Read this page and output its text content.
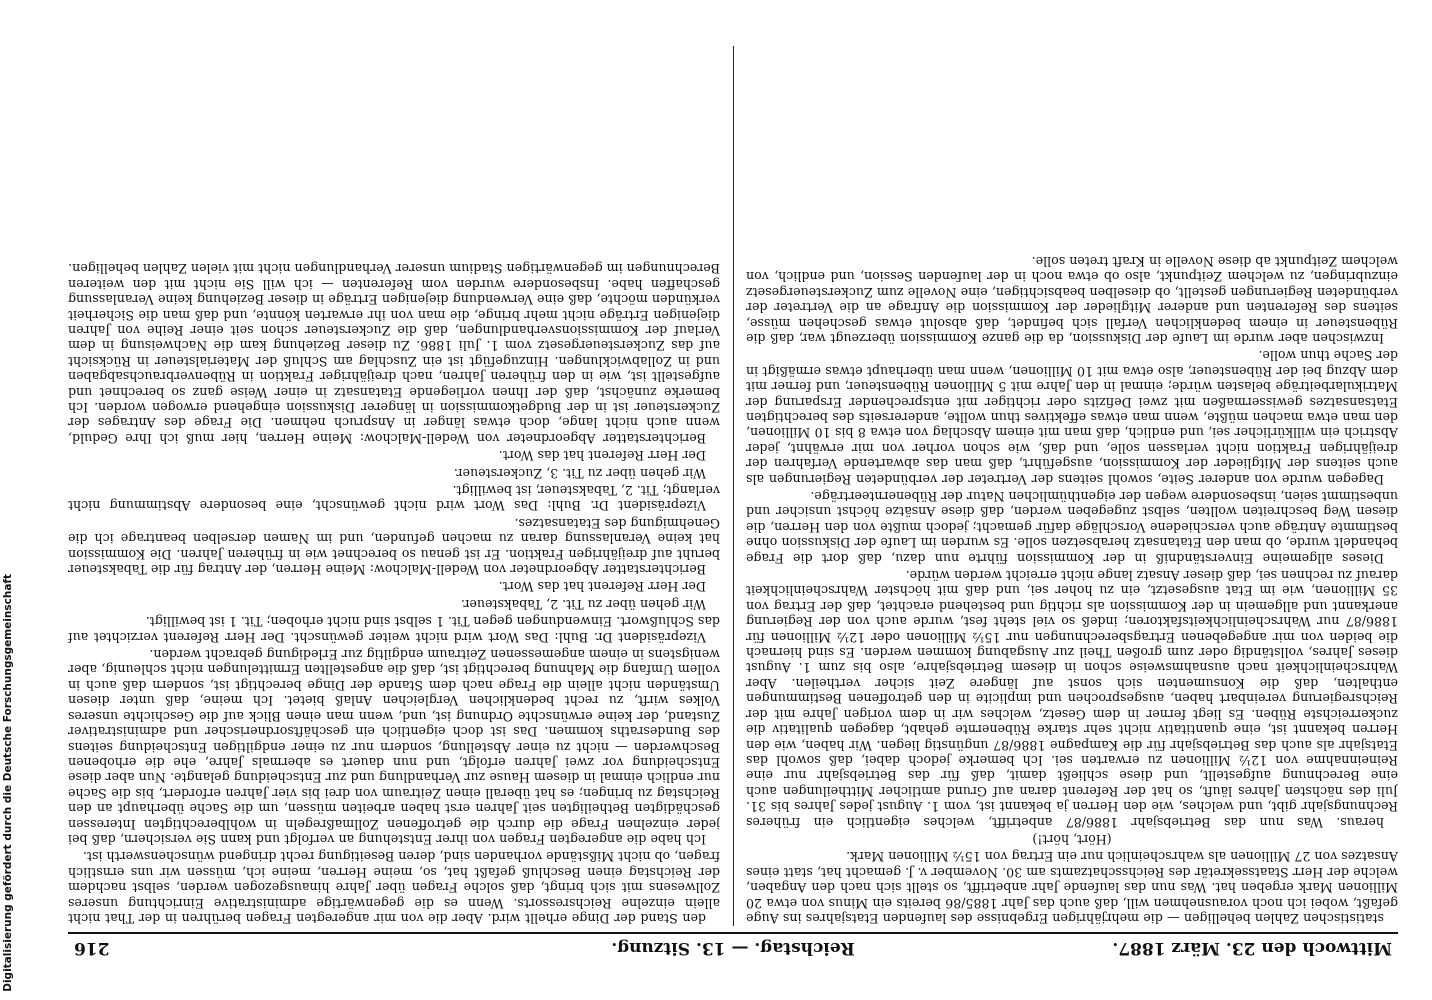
216	Reichstag. — 13. Sitzung.	Mittwoch den 23. März 1887.

den Stand der Dinge erhellt wird. Aber die von mir angeregten Fragen berühren in der That nicht allein einzelne Reichsressorts. Wenn es die gegenwärtige administrative Einrichtung unseres Zollwesens mit sich bringt, daß solche Fragen über Jahre hinausgezogen werden, selbst nachdem der Reichstag einen Beschluß gefaßt hat, so, meine Herren, meine ich, müssen wir uns ernstlich fragen, ob nicht Mißstände vorhanden sind, deren Beseitigung recht dringend wünschenswerth ist.

Ich habe die angeregten Fragen von ihrer Entstehung an verfolgt und kann Sie versichern, daß bei jeder einzelnen Frage die durch die getroffenen Zollmaßregeln in wohlberechtigten Interessen geschädigten Betheiligten seit Jahren erst haben arbeiten müssen, um die Sache überhaupt an den Reichstag zu bringen; es hat überall einen Zeitraum von drei bis vier Jahren erfordert, bis die Sache nur endlich einmal in diesem Hause zur Verhandlung und zur Entscheidung gelangte. Nun aber diese Entscheidung vor zwei Jahren erfolgt, und nun dauert es abermals Jahre, ehe die erhobenen Beschwerden — nicht zu einer Abstellung, sondern nur zu einer endgiltigen Entscheidung seitens des Bundesraths kommen. Das ist doch eigentlich ein geschäftsordnerischer und administrativer Zustand, der keine erwünschte Ordnung ist, und, wenn man einen Blick auf die Geschichte unseres Volkes wirft, zu recht bedenklichen Vergleichen Anlaß bietet. Ich meine, daß unter diesen Umständen nicht allein die Frage nach dem Stande der Dinge berechtigt ist, sondern daß auch in vollem Umfang die Mahnung berechtigt ist, daß die angestellten Ermittelungen nicht schleunig, aber wenigstens in einem angemessenen Zeitraum endgiltig zur Erledigung gebracht werden.

Vizepräsident Dr. Buhl: Das Wort wird nicht weiter gewünscht. Der Herr Referent verzichtet auf das Schlußwort. Einwendungen gegen Tit. 1 selbst sind nicht erhoben; Tit. 1 ist bewilligt.

Wir gehen über zu Tit. 2, Tabaksteuer.

Der Herr Referent hat das Wort.

Berichterstatter Abgeordneter von Wedell-Malchow: Meine Herren, der Antrag für die Tabaksteuer beruht auf dreijährigen Fraktion. Er ist genau so berechnet wie in früheren Jahren. Die Kommission hat keine Veranlassung daran zu machen gefunden, und im Namen derselben beantrage ich die Genehmigung des Etatansatzes.

Vizepräsident Dr. Buhl: Das Wort wird nicht gewünscht, eine besondere Abstimmung nicht verlangt; Tit. 2, Tabaksteuer, ist bewilligt.

Wir gehen über zu Tit. 3, Zuckersteuer.

Der Herr Referent hat das Wort.

Berichterstatter Abgeordneter von Wedell-Malchow: Meine Herren, hier muß ich Ihre Geduld, wenn auch nicht lange, doch etwas länger in Anspruch nehmen. Die Frage des Antrages der Zuckersteuer ist in der Budgetkommission in längerer Diskussion eingehend erwogen worden. Ich bemerke zunächst, daß der Ihnen vorliegende Etatansatz in einer Weise ganz so berechnet und aufgestellt ist, wie in den früheren Jahren, nach dreijähriger Fraktion in Rübenverbrauchsabgaben und in Zollabwicklungen. Hinzugefügt ist ein Zuschlag am Schluß der Materialsteuer in Rücksicht auf das Zuckersteuergesetz vom 1. Juli 1886. Zu dieser Beziehung kam die Nachweisung in dem Verlauf der Kommissionsverhandlungen, daß die Zuckersteuer schon seit einer Reihe von Jahren diejenigen Erträge nicht mehr bringe, die man von ihr erwarten könnte, und daß man die Sicherheit verkünden möchte, daß eine Verwendung diejenigen Erträge in dieser Beziehung keine Veranlassung geschaffen habe. Insbesondere wurden vom Referenten — ich will Sie nicht mit den weiteren Berechnungen im gegenwärtigen Stadium unserer Verhandlungen nicht mit vielen Zahlen behelligen.

statistischen Zahlen behelligen — die mehrjährigen Ergebnisse des laufenden Etatsjahres ins Auge gefaßt, wobei ich noch vorausnehmen will, daß auch das Jahr 1885/86 bereits ein Minus von etwa 20 Millionen Mark ergeben hat. Was nun das laufende Jahr anbetrifft, so stellt sich nach den Angaben, welche der Herr Staatssekretär des Reichsschatzamts am 30. November v. J. gemacht hat, statt eines Ansatzes von 27 Millionen als wahrscheinlich nur ein Ertrag von 15½ Millionen Mark.

(Hört, hört!)

heraus. Was nun das Betriebsjahr 1886/87 anbetrifft, welches eigentlich ein früheres Rechnungsjahr gibt, und welches, wie den Herren ja bekannt ist, vom 1. August jedes Jahres bis 31. Juli des nächsten Jahres läuft, so hat der Referent daran auf Grund amtlicher Mittheilungen auch eine Berechnung aufgestellt, und diese schließt damit, daß für das Betriebsjahr nur eine Reineinnahme von 12½ Millionen zu erwarten sei. Ich bemerke jedoch dabei, daß sowohl das Etatsjahr als auch das Betriebsjahr für die Kampagne 1886/87 ungünstig liegen. Wir haben, wie den Herren bekannt ist, eine quantitativ nicht sehr starke Rübenernte gehabt, dagegen qualitativ die zuckerreichste Rüben. Es liegt ferner in dem Gesetz, welches wir in dem vorigen Jahre mit der Reichsregierung vereinbart haben, ausgesprochen und implicite in den getroffenen Bestimmungen enthalten, daß die Konsumenten sich sonst auf längere Zeit sicher vertheilen. Aber Wahrscheinlichkeit nach ausnahmsweise schon in diesem Betriebsjahre, also bis zum 1. August dieses Jahres, vollständig oder zum großen Theil zur Ausgabung kommen werden. Es sind hiernach die beiden von mir angegebenen Ertragsberechnungen nur 15½ Millionen oder 12½ Millionen für 1886/87 nur Wahrscheinlichkeitsfaktoren; indeß so viel steht fest, wurde auch von der Regierung anerkannt und allgemein in der Kommission als richtig und bestehend erachtet, daß der Ertrag von 35 Millionen, wie im Etat ausgesetzt, ein zu hoher sei, und daß mit höchster Wahrscheinlichkeit darauf zu rechnen sei, daß dieser Ansatz lange nicht erreicht werden würde.

Dieses allgemeine Einverständniß in der Kommission führte nun dazu, daß dort die Frage behandelt wurde, ob man den Etatansatz herabsetzen solle. Es wurden im Laufe der Diskussion ohne bestimmte Anträge auch verschiedene Vorschläge dafür gemacht; jedoch mußte von den Herren, die diesen Weg beschreiten wollten, selbst zugegeben werden, daß diese Ansätze höchst unsicher und unbestimmt seien, insbesondere wegen der eigenthümlichen Natur der Rübenernteerträge.

Dagegen wurde von anderer Seite, sowohl seitens der Vertreter der verbündeten Regierungen als auch seitens der Mitglieder der Kommission, ausgeführt, daß man das abwartende Verfahren der dreijährigen Fraktion nicht verlassen solle, und daß, wie schon vorher von mir erwähnt, jeder Abstrich ein willkürlicher sei, und endlich, daß man mit einem Abschlag von etwa 8 bis 10 Millionen, den man etwa machen müßte, wenn man etwas effektives thun wollte, andererseits des berechtigten Etatsansatzes gewissermaßen mit zwei Defizits oder richtiger mit entsprechender Ersparung der Matrikularbeiträge belasten würde; einmal in den Jahre mit 5 Millionen Rübensteuer, und ferner mit dem Abzug bei der Rübensteuer, also etwa mit 10 Millionen, wenn man überhaupt etwas ermäßigt in der Sache thun wolle.

Inzwischen aber wurde im Laufe der Diskussion, da die ganze Kommission überzeugt war, daß die Rübensteuer in einem bedenklichen Verfall sich befindet, daß absolut etwas geschehen müsse, seitens des Referenten und anderer Mitglieder der Kommission die Anfrage an die Vertreter der verbündeten Regierungen gestellt, ob dieselben beabsichtigen, eine Novelle zum Zuckersteuergesetz einzubringen, zu welchem Zeitpunkt, also ob etwa noch in der laufenden Session, und endlich, von welchem Zeitpunkt ab diese Novelle in Kraft treten solle.

Digitalisierung gefördert durch die Deutsche Forschungsgemeinschaft
